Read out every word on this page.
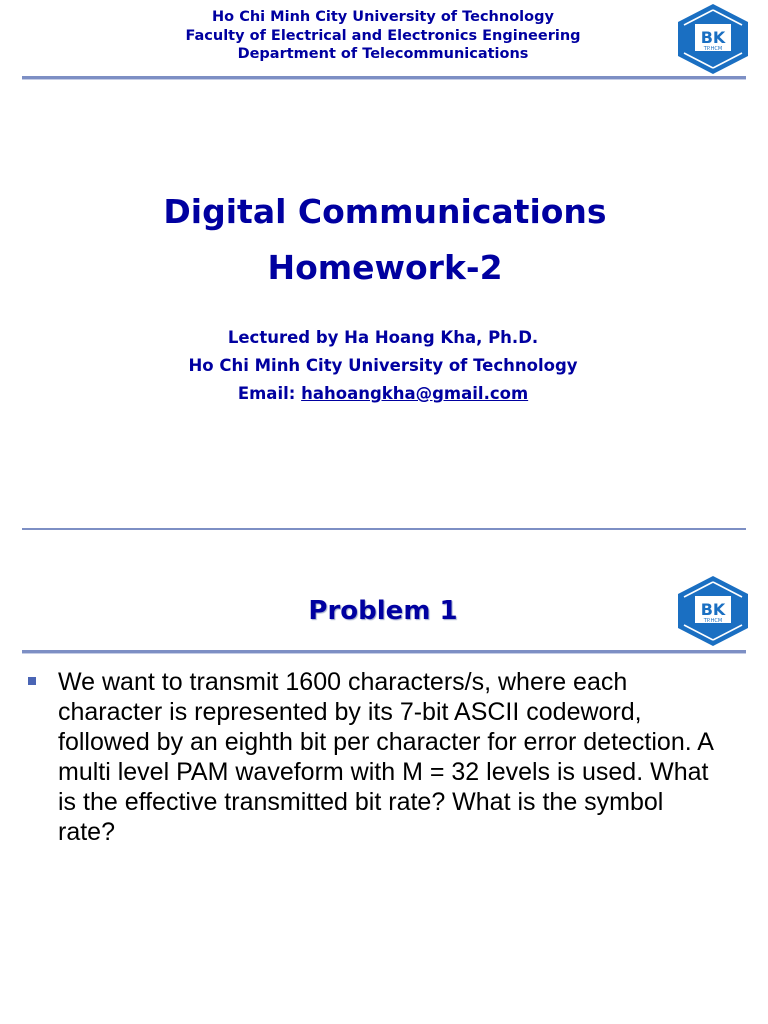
Ho Chi Minh City University of Technology
Faculty of Electrical and Electronics Engineering
Department of Telecommunications
BK
TP.HCM
Digital Communications
Homework-2
Lectured by Ha Hoang Kha, Ph.D.
Ho Chi Minh City University of Technology
Email: hahoangkha@gmail.com
Problem 1	BK
TP.HCM
We want to transmit 1600 characters/s, where each character is represented by its 7-bit ASCII codeword, followed by an eighth bit per character for error detection. A multi level PAM waveform with M = 32 levels is used. What is the effective transmitted bit rate? What is the symbol rate?
